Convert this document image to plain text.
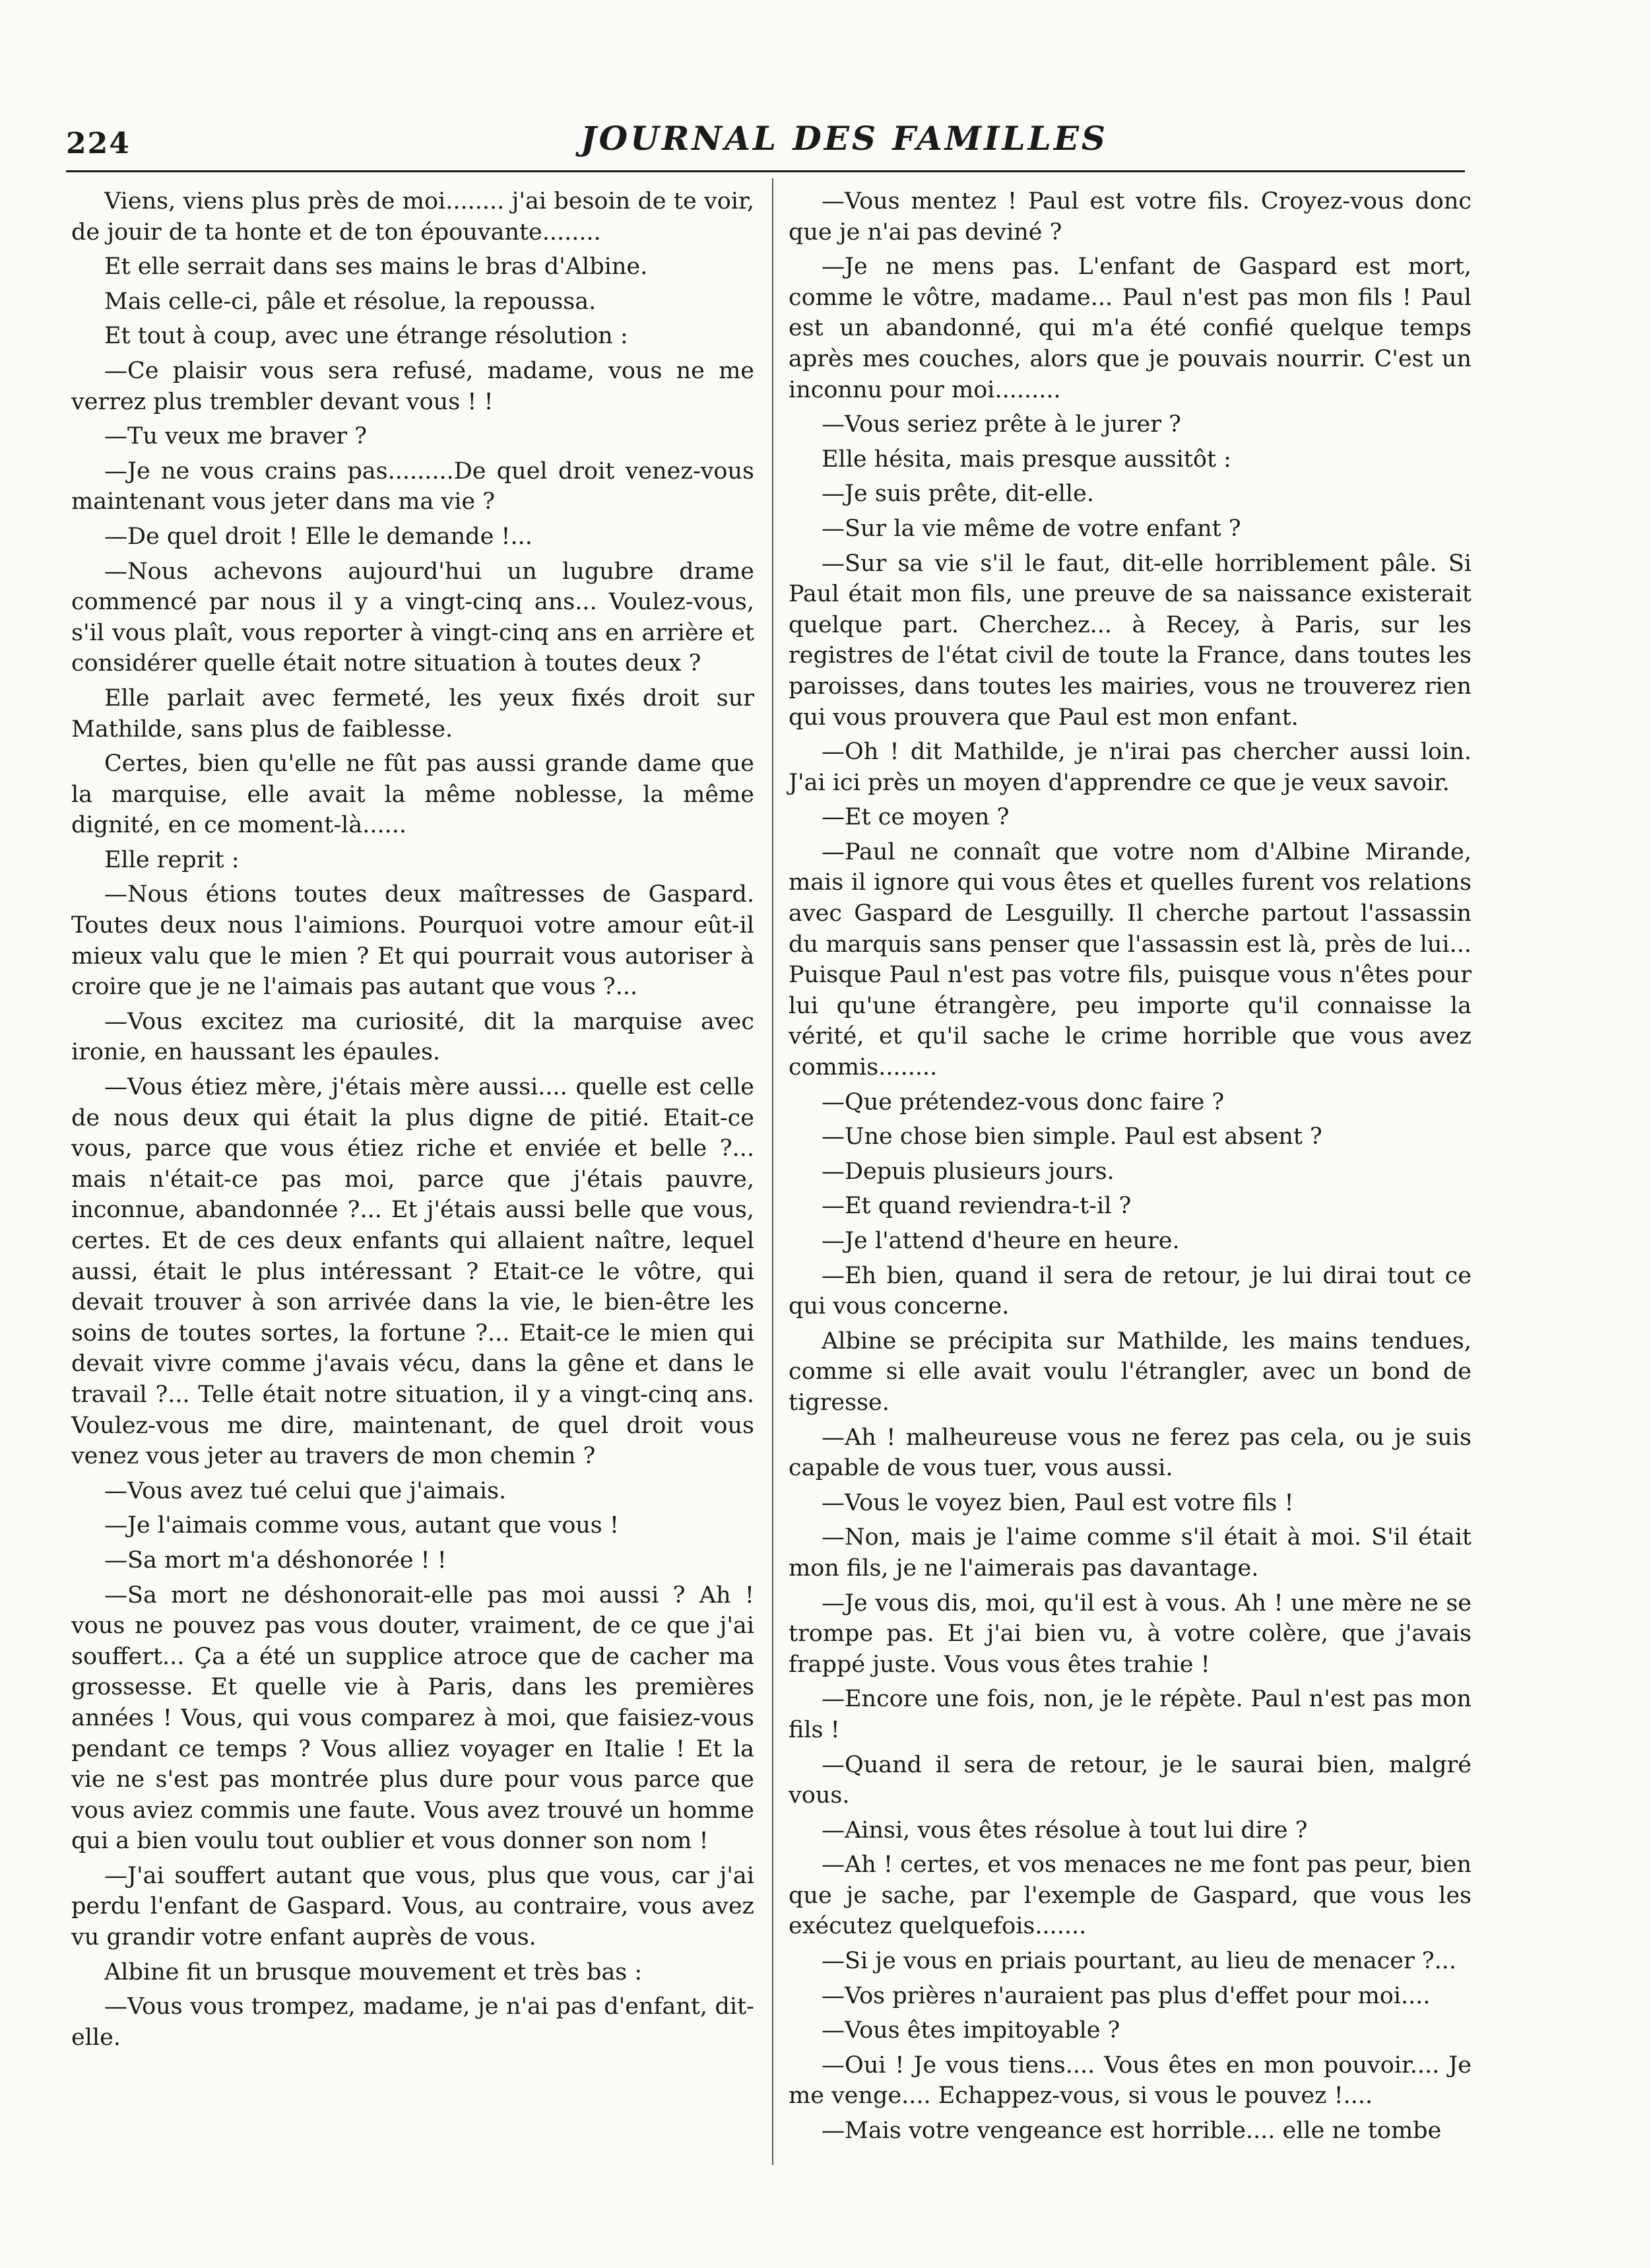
224	JOURNAL DES FAMILLES

Viens, viens plus près de moi........ j'ai besoin de te voir, de jouir de ta honte et de ton épouvante........

Et elle serrait dans ses mains le bras d'Albine.

Mais celle-ci, pâle et résolue, la repoussa.

Et tout à coup, avec une étrange résolution :

—Ce plaisir vous sera refusé, madame, vous ne me verrez plus trembler devant vous ! !

—Tu veux me braver ?

—Je ne vous crains pas.........De quel droit venez-vous maintenant vous jeter dans ma vie ?

—De quel droit ! Elle le demande !...

—Nous achevons aujourd'hui un lugubre drame commencé par nous il y a vingt-cinq ans... Voulez-vous, s'il vous plaît, vous reporter à vingt-cinq ans en arrière et considérer quelle était notre situation à toutes deux ?

Elle parlait avec fermeté, les yeux fixés droit sur Mathilde, sans plus de faiblesse.

Certes, bien qu'elle ne fût pas aussi grande dame que la marquise, elle avait la même noblesse, la même dignité, en ce moment-là......

Elle reprit :

—Nous étions toutes deux maîtresses de Gaspard. Toutes deux nous l'aimions. Pourquoi votre amour eût-il mieux valu que le mien ? Et qui pourrait vous autoriser à croire que je ne l'aimais pas autant que vous ?...

—Vous excitez ma curiosité, dit la marquise avec ironie, en haussant les épaules.

—Vous étiez mère, j'étais mère aussi.... quelle est celle de nous deux qui était la plus digne de pitié. Etait-ce vous, parce que vous étiez riche et enviée et belle ?... mais n'était-ce pas moi, parce que j'étais pauvre, inconnue, abandonnée ?... Et j'étais aussi belle que vous, certes. Et de ces deux enfants qui allaient naître, lequel aussi, était le plus intéressant ? Etait-ce le vôtre, qui devait trouver à son arrivée dans la vie, le bien-être les soins de toutes sortes, la fortune ?... Etait-ce le mien qui devait vivre comme j'avais vécu, dans la gêne et dans le travail ?... Telle était notre situation, il y a vingt-cinq ans. Voulez-vous me dire, maintenant, de quel droit vous venez vous jeter au travers de mon chemin ?

—Vous avez tué celui que j'aimais.

—Je l'aimais comme vous, autant que vous !

—Sa mort m'a déshonorée ! !

—Sa mort ne déshonorait-elle pas moi aussi ? Ah ! vous ne pouvez pas vous douter, vraiment, de ce que j'ai souffert... Ça a été un supplice atroce que de cacher ma grossesse. Et quelle vie à Paris, dans les premières années ! Vous, qui vous comparez à moi, que faisiez-vous pendant ce temps ? Vous alliez voyager en Italie ! Et la vie ne s'est pas montrée plus dure pour vous parce que vous aviez commis une faute. Vous avez trouvé un homme qui a bien voulu tout oublier et vous donner son nom !

—J'ai souffert autant que vous, plus que vous, car j'ai perdu l'enfant de Gaspard. Vous, au contraire, vous avez vu grandir votre enfant auprès de vous.

Albine fit un brusque mouvement et très bas :

—Vous vous trompez, madame, je n'ai pas d'enfant, dit-elle.

—Vous mentez ! Paul est votre fils. Croyez-vous donc que je n'ai pas deviné ?

—Je ne mens pas. L'enfant de Gaspard est mort, comme le vôtre, madame... Paul n'est pas mon fils ! Paul est un abandonné, qui m'a été confié quelque temps après mes couches, alors que je pouvais nourrir. C'est un inconnu pour moi.........

—Vous seriez prête à le jurer ?

Elle hésita, mais presque aussitôt :

—Je suis prête, dit-elle.

—Sur la vie même de votre enfant ?

—Sur sa vie s'il le faut, dit-elle horriblement pâle. Si Paul était mon fils, une preuve de sa naissance existerait quelque part. Cherchez... à Recey, à Paris, sur les registres de l'état civil de toute la France, dans toutes les paroisses, dans toutes les mairies, vous ne trouverez rien qui vous prouvera que Paul est mon enfant.

—Oh ! dit Mathilde, je n'irai pas chercher aussi loin. J'ai ici près un moyen d'apprendre ce que je veux savoir.

—Et ce moyen ?

—Paul ne connaît que votre nom d'Albine Mirande, mais il ignore qui vous êtes et quelles furent vos relations avec Gaspard de Lesguilly. Il cherche partout l'assassin du marquis sans penser que l'assassin est là, près de lui... Puisque Paul n'est pas votre fils, puisque vous n'êtes pour lui qu'une étrangère, peu importe qu'il connaisse la vérité, et qu'il sache le crime horrible que vous avez commis........

—Que prétendez-vous donc faire ?

—Une chose bien simple. Paul est absent ?

—Depuis plusieurs jours.

—Et quand reviendra-t-il ?

—Je l'attend d'heure en heure.

—Eh bien, quand il sera de retour, je lui dirai tout ce qui vous concerne.

Albine se précipita sur Mathilde, les mains tendues, comme si elle avait voulu l'étrangler, avec un bond de tigresse.

—Ah ! malheureuse vous ne ferez pas cela, ou je suis capable de vous tuer, vous aussi.

—Vous le voyez bien, Paul est votre fils !

—Non, mais je l'aime comme s'il était à moi. S'il était mon fils, je ne l'aimerais pas davantage.

—Je vous dis, moi, qu'il est à vous. Ah ! une mère ne se trompe pas. Et j'ai bien vu, à votre colère, que j'avais frappé juste. Vous vous êtes trahie !

—Encore une fois, non, je le répète. Paul n'est pas mon fils !

—Quand il sera de retour, je le saurai bien, malgré vous.

—Ainsi, vous êtes résolue à tout lui dire ?

—Ah ! certes, et vos menaces ne me font pas peur, bien que je sache, par l'exemple de Gaspard, que vous les exécutez quelquefois.......

—Si je vous en priais pourtant, au lieu de menacer ?...

—Vos prières n'auraient pas plus d'effet pour moi....

—Vous êtes impitoyable ?

—Oui ! Je vous tiens.... Vous êtes en mon pouvoir.... Je me venge.... Echappez-vous, si vous le pouvez !....

—Mais votre vengeance est horrible.... elle ne tombe
